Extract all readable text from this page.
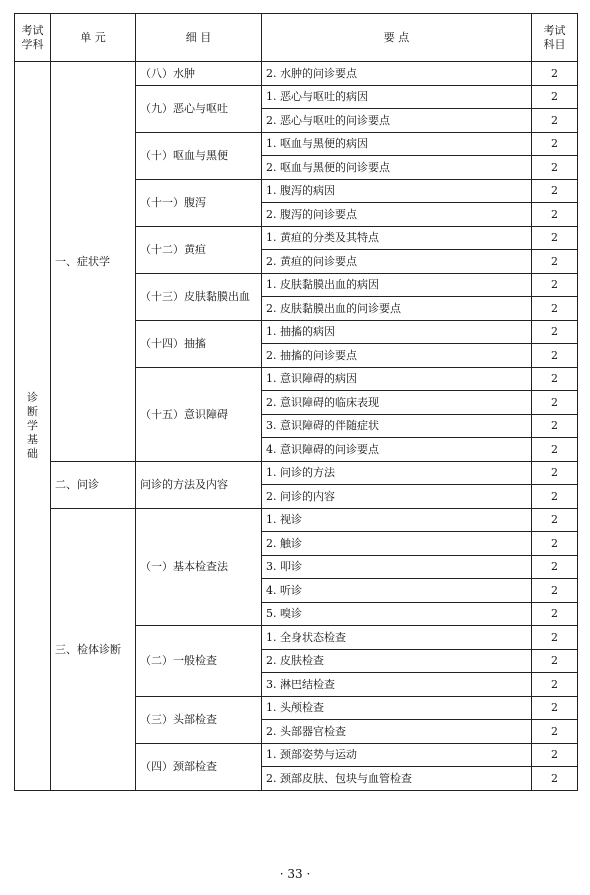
考试学科	单 元	细 目	要 点	考试科目
诊断学基础	一、症状学	（八）水肿	2. 水肿的问诊要点	2
		（九）恶心与呕吐	1. 恶心与呕吐的病因	2
			2. 恶心与呕吐的问诊要点	2
		（十）呕血与黑便	1. 呕血与黑便的病因	2
			2. 呕血与黑便的问诊要点	2
		（十一）腹泻	1. 腹泻的病因	2
			2. 腹泻的问诊要点	2
		（十二）黄疸	1. 黄疸的分类及其特点	2
			2. 黄疸的问诊要点	2
		（十三）皮肤黏膜出血	1. 皮肤黏膜出血的病因	2
			2. 皮肤黏膜出血的问诊要点	2
		（十四）抽搐	1. 抽搐的病因	2
			2. 抽搐的问诊要点	2
		（十五）意识障碍	1. 意识障碍的病因	2
			2. 意识障碍的临床表现	2
			3. 意识障碍的伴随症状	2
			4. 意识障碍的问诊要点	2
	二、问诊	问诊的方法及内容	1. 问诊的方法	2
			2. 问诊的内容	2
	三、检体诊断	（一）基本检查法	1. 视诊	2
			2. 触诊	2
			3. 叩诊	2
			4. 听诊	2
			5. 嗅诊	2
		（二）一般检查	1. 全身状态检查	2
			2. 皮肤检查	2
			3. 淋巴结检查	2
		（三）头部检查	1. 头颅检查	2
			2. 头部器官检查	2
		（四）颈部检查	1. 颈部姿势与运动	2
			2. 颈部皮肤、包块与血管检查	2
· 33 ·
